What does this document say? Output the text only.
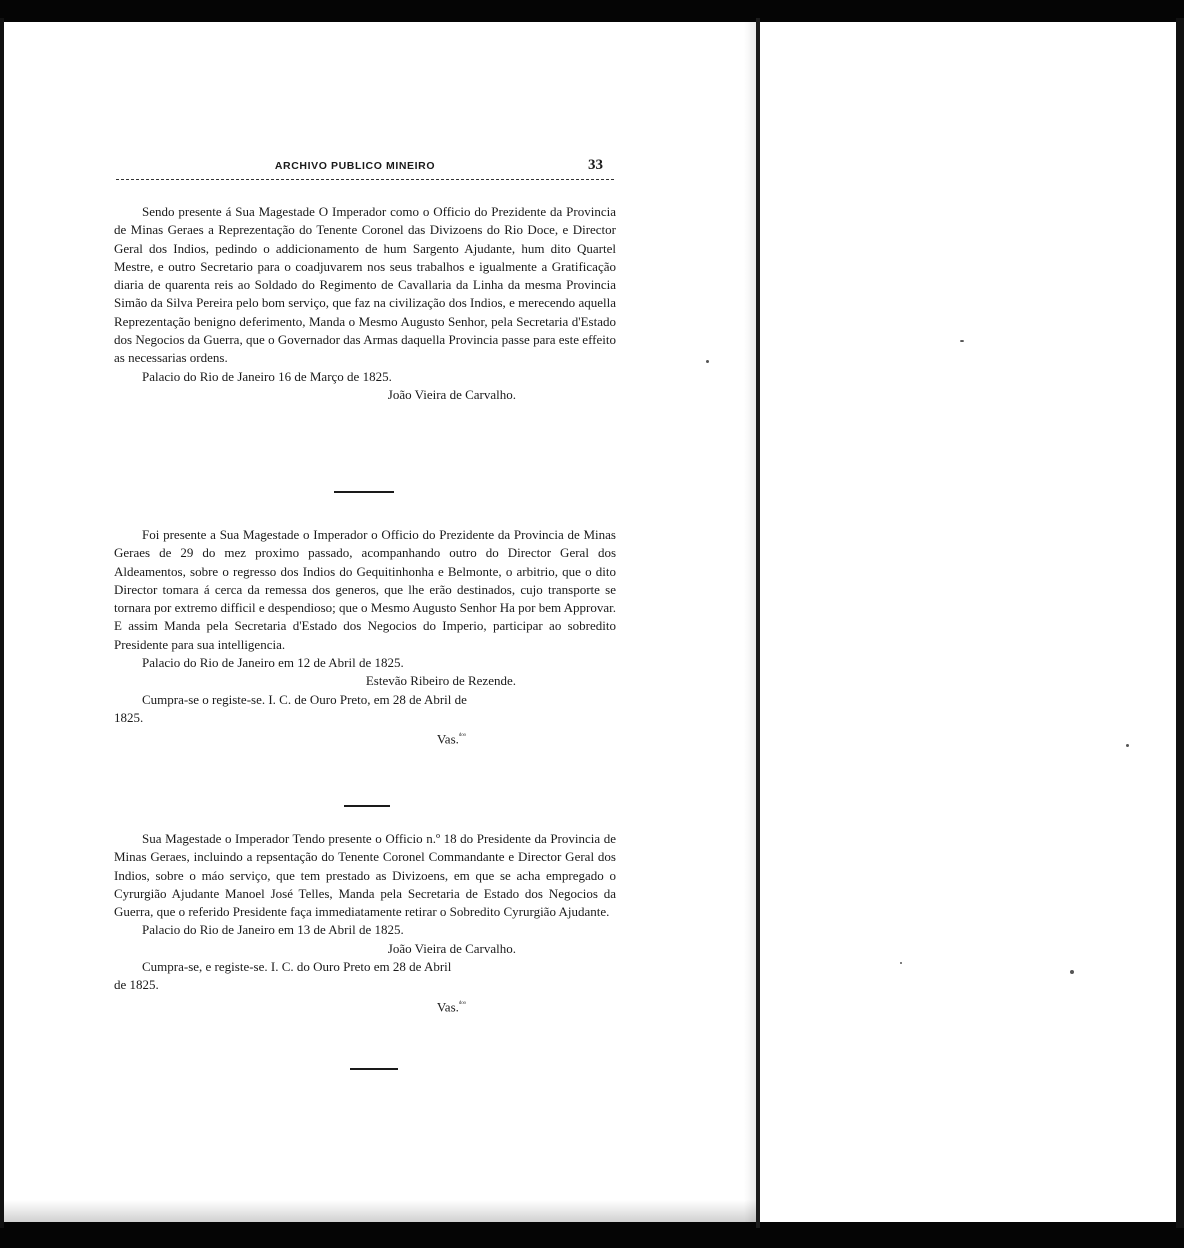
ARCHIVO PUBLICO MINEIRO	33

Sendo presente á Sua Magestade O Imperador como o Officio do Prezidente da Provincia de Minas Geraes a Reprezentação do Tenente Coronel das Divizoens do Rio Doce, e Director Geral dos Indios, pedindo o addicionamento de hum Sargento Ajudante, hum dito Quartel Mestre, e outro Secretario para o coadjuvarem nos seus trabalhos e igualmente a Gratificação diaria de quarenta reis ao Soldado do Regimento de Cavallaria da Linha da mesma Provincia Simão da Silva Pereira pelo bom serviço, que faz na civilização dos Indios, e merecendo aquella Reprezentação benigno deferimento, Manda o Mesmo Augusto Senhor, pela Secretaria d'Estado dos Negocios da Guerra, que o Governador das Armas daquella Provincia passe para este effeito as necessarias ordens.

Palacio do Rio de Janeiro 16 de Março de 1825.
João Vieira de Carvalho.

Foi presente a Sua Magestade o Imperador o Officio do Prezidente da Provincia de Minas Geraes de 29 do mez proximo passado, acompanhando outro do Director Geral dos Aldeamentos, sobre o regresso dos Indios do Gequitinhonha e Belmonte, o arbitrio, que o dito Director tomara á cerca da remessa dos generos, que lhe erão destinados, cujo transporte se tornara por extremo difficil e despendioso; que o Mesmo Augusto Senhor Ha por bem Approvar. E assim Manda pela Secretaria d'Estado dos Negocios do Imperio, participar ao sobredito Presidente para sua intelligencia.

Palacio do Rio de Janeiro em 12 de Abril de 1825.
Estevão Ribeiro de Rezende.
Cumpra-se o registe-se. I. C. de Ouro Preto, em 28 de Abril de
1825.
Vas.$^{ᵈᵒᵒ}$

Sua Magestade o Imperador Tendo presente o Officio n.º 18 do Presidente da Provincia de Minas Geraes, incluindo a repsentação do Tenente Coronel Commandante e Director Geral dos Indios, sobre o máo serviço, que tem prestado as Divizoens, em que se acha empregado o Cyrurgião Ajudante Manoel José Telles, Manda pela Secretaria de Estado dos Negocios da Guerra, que o referido Presidente faça immediatamente retirar o Sobredito Cyrurgião Ajudante.

Palacio do Rio de Janeiro em 13 de Abril de 1825.
João Vieira de Carvalho.
Cumpra-se, e registe-se. I. C. do Ouro Preto em 28 de Abril
de 1825.
Vas.$^{ᵈᵒᵒ}$
